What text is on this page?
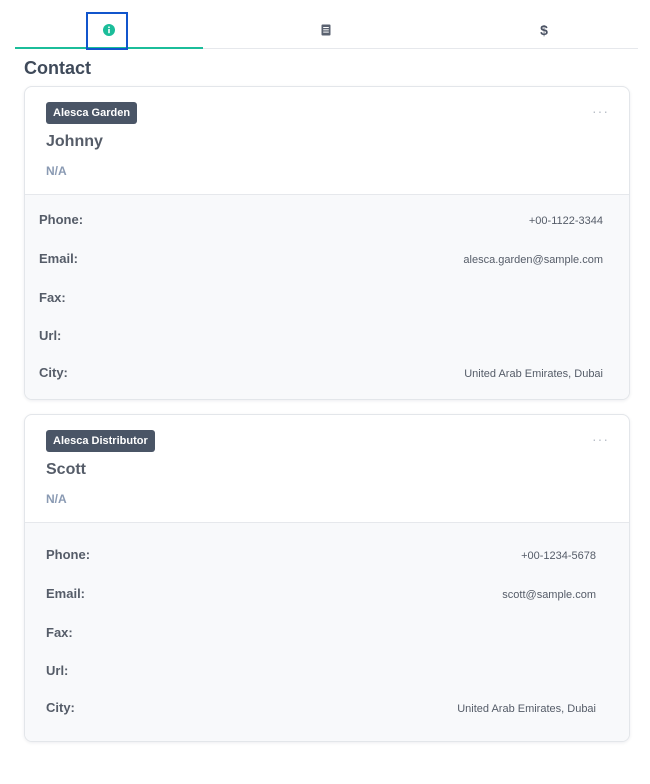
$
Contact
Alesca Garden
Johnny
N/A
···
Phone:	+00-1122-3344
Email:	alesca.garden@sample.com
Fax:
Url:
City:	United Arab Emirates, Dubai
Alesca Distributor
Scott
N/A
···
Phone:	+00-1234-5678
Email:	scott@sample.com
Fax:
Url:
City:	United Arab Emirates, Dubai
